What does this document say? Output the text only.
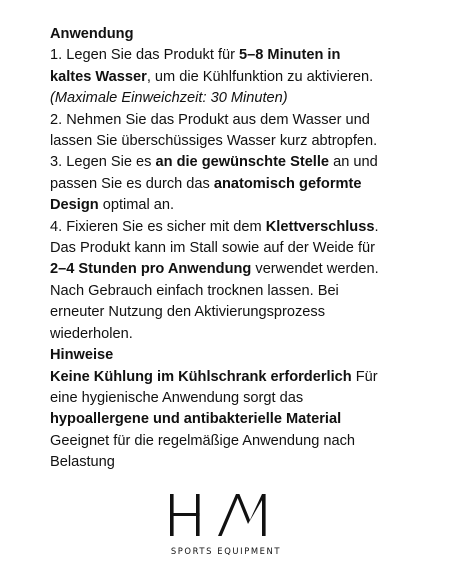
Anwendung
1. Legen Sie das Produkt für 5–8 Minuten in
kaltes Wasser, um die Kühlfunktion zu aktivieren.
(Maximale Einweichzeit: 30 Minuten)
2. Nehmen Sie das Produkt aus dem Wasser und
lassen Sie überschüssiges Wasser kurz abtropfen.
3. Legen Sie es an die gewünschte Stelle an und
passen Sie es durch das anatomisch geformte
Design optimal an.
4. Fixieren Sie es sicher mit dem Klettverschluss.
Das Produkt kann im Stall sowie auf der Weide für
2–4 Stunden pro Anwendung verwendet werden.
Nach Gebrauch einfach trocknen lassen. Bei
erneuter Nutzung den Aktivierungsprozess
wiederholen.
Hinweise
Keine Kühlung im Kühlschrank erforderlich Für
eine hygienische Anwendung sorgt das
hypoallergene und antibakterielle Material
Geeignet für die regelmäßige Anwendung nach
Belastung
SPORTS EQUIPMENT
